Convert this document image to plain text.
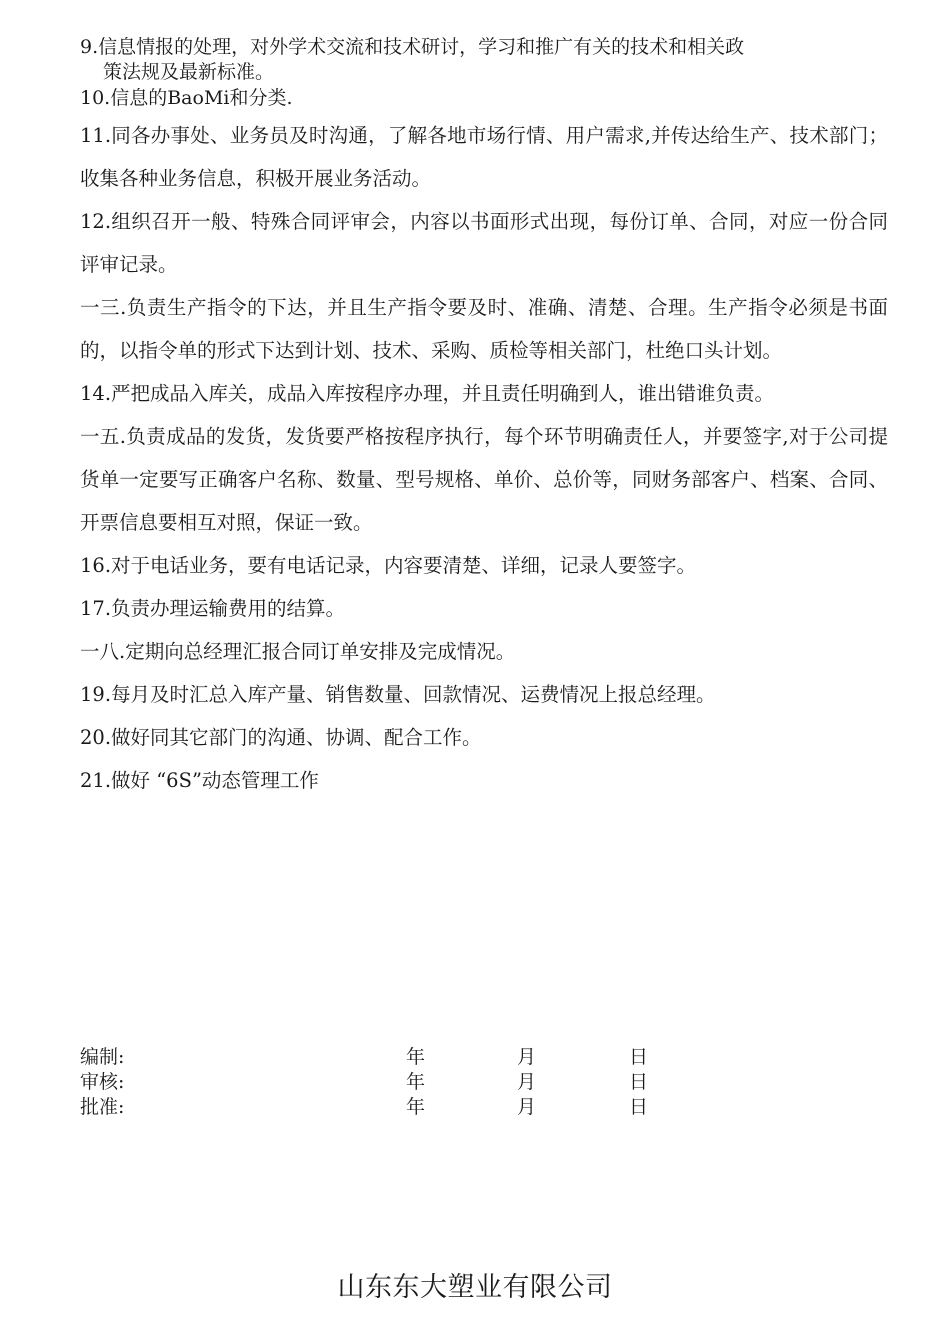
9.信息情报的处理，对外学术交流和技术研讨，学习和推广有关的技术和相关政
策法规及最新标准。
10.信息的BaoMi和分类.
11.同各办事处、业务员及时沟通，了解各地市场行情、用户需求,并传达给生产、技术部门；收集各种业务信息，积极开展业务活动。
12.组织召开一般、特殊合同评审会，内容以书面形式出现，每份订单、合同，对应一份合同评审记录。
一三.负责生产指令的下达，并且生产指令要及时、准确、清楚、合理。生产指令必须是书面的，以指令单的形式下达到计划、技术、采购、质检等相关部门，杜绝口头计划。
14.严把成品入库关，成品入库按程序办理，并且责任明确到人，谁出错谁负责。
一五.负责成品的发货，发货要严格按程序执行，每个环节明确责任人，并要签字,对于公司提货单一定要写正确客户名称、数量、型号规格、单价、总价等，同财务部客户、档案、合同、开票信息要相互对照，保证一致。
16.对于电话业务，要有电话记录，内容要清楚、详细，记录人要签字。
17.负责办理运输费用的结算。
一八.定期向总经理汇报合同订单安排及完成情况。
19.每月及时汇总入库产量、销售数量、回款情况、运费情况上报总经理。
20.做好同其它部门的沟通、协调、配合工作。
21.做好 “6S”动态管理工作
编制:	年	月	日
审核:	年	月	日
批准:	年	月	日
山东东大塑业有限公司
